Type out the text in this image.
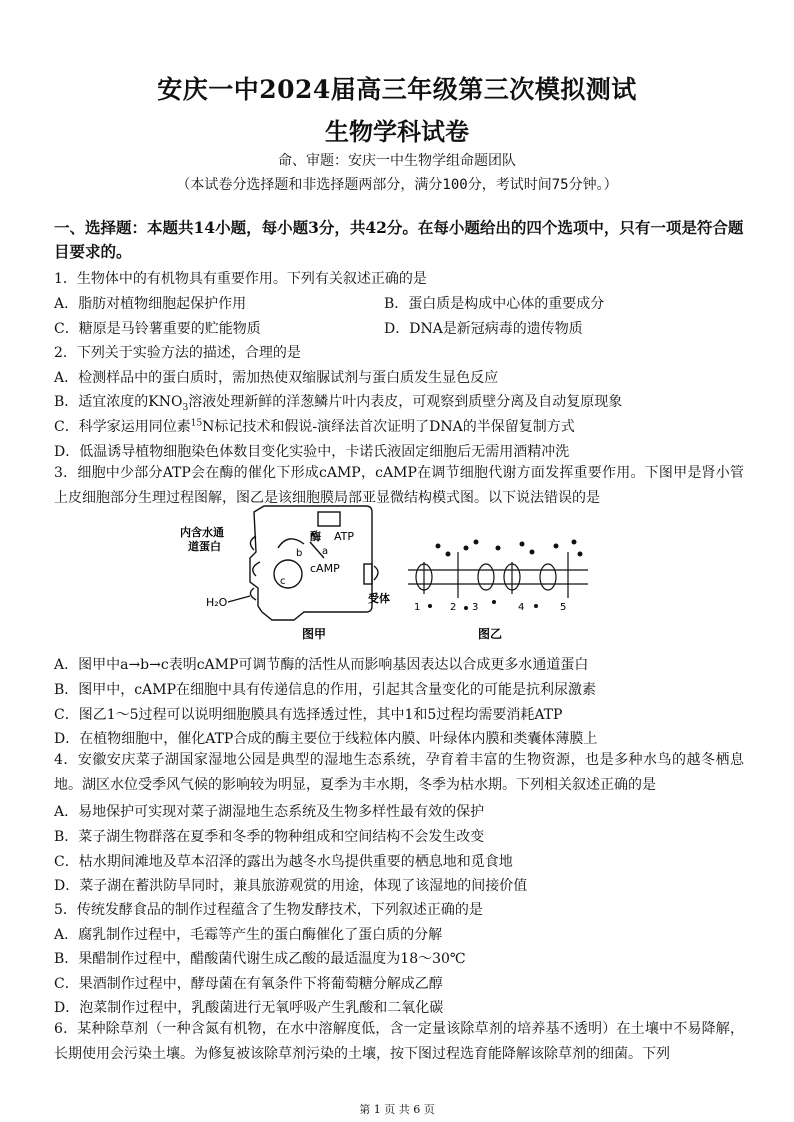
安庆一中2024届高三年级第三次模拟测试
生物学科试卷
命、审题：安庆一中生物学组命题团队
（本试卷分选择题和非选择题两部分，满分100分，考试时间75分钟。）
一、选择题：本题共14小题，每小题3分，共42分。在每小题给出的四个选项中，只有一项是符合题目要求的。
1．生物体中的有机物具有重要作用。下列有关叙述正确的是
A．脂肪对植物细胞起保护作用	B．蛋白质是构成中心体的重要成分
C．糖原是马铃薯重要的贮能物质	D．DNA是新冠病毒的遗传物质
2．下列关于实验方法的描述，合理的是
A．检测样品中的蛋白质时，需加热使双缩脲试剂与蛋白质发生显色反应
B．适宜浓度的$KNO_3$溶液处理新鲜的洋葱鳞片叶内表皮，可观察到质壁分离及自动复原现象
C．科学家运用同位素$^{15}$N标记技术和假说-演绎法首次证明了DNA的半保留复制方式
D．低温诱导植物细胞染色体数目变化实验中，卡诺氏液固定细胞后无需用酒精冲洗
3．细胞中少部分ATP会在酶的催化下形成cAMP，cAMP在调节细胞代谢方面发挥重要作用。下图甲是肾小管上皮细胞部分生理过程图解，图乙是该细胞膜局部亚显微结构模式图。以下说法错误的是
内含水通
道蛋白
酶 ATP
a
b
c
cAMP
受体
H₂O
图甲
1	2 3	4	5
图乙
A．图甲中a→b→c表明cAMP可调节酶的活性从而影响基因表达以合成更多水通道蛋白
B．图甲中，cAMP在细胞中具有传递信息的作用，引起其含量变化的可能是抗利尿激素
C．图乙1～5过程可以说明细胞膜具有选择透过性，其中1和5过程均需要消耗ATP
D．在植物细胞中，催化ATP合成的酶主要位于线粒体内膜、叶绿体内膜和类囊体薄膜上
4．安徽安庆菜子湖国家湿地公园是典型的湿地生态系统，孕育着丰富的生物资源，也是多种水鸟的越冬栖息地。湖区水位受季风气候的影响较为明显，夏季为丰水期，冬季为枯水期。下列相关叙述正确的是
A．易地保护可实现对菜子湖湿地生态系统及生物多样性最有效的保护
B．菜子湖生物群落在夏季和冬季的物种组成和空间结构不会发生改变
C．枯水期间滩地及草本沼泽的露出为越冬水鸟提供重要的栖息地和觅食地
D．菜子湖在蓄洪防旱同时，兼具旅游观赏的用途，体现了该湿地的间接价值
5．传统发酵食品的制作过程蕴含了生物发酵技术，下列叙述正确的是
A．腐乳制作过程中，毛霉等产生的蛋白酶催化了蛋白质的分解
B．果醋制作过程中，醋酸菌代谢生成乙酸的最适温度为18～30℃
C．果酒制作过程中，酵母菌在有氧条件下将葡萄糖分解成乙醇
D．泡菜制作过程中，乳酸菌进行无氧呼吸产生乳酸和二氧化碳
6．某种除草剂（一种含氮有机物，在水中溶解度低，含一定量该除草剂的培养基不透明）在土壤中不易降解，长期使用会污染土壤。为修复被该除草剂污染的土壤，按下图过程选育能降解该除草剂的细菌。下列
第 1 页 共 6 页
